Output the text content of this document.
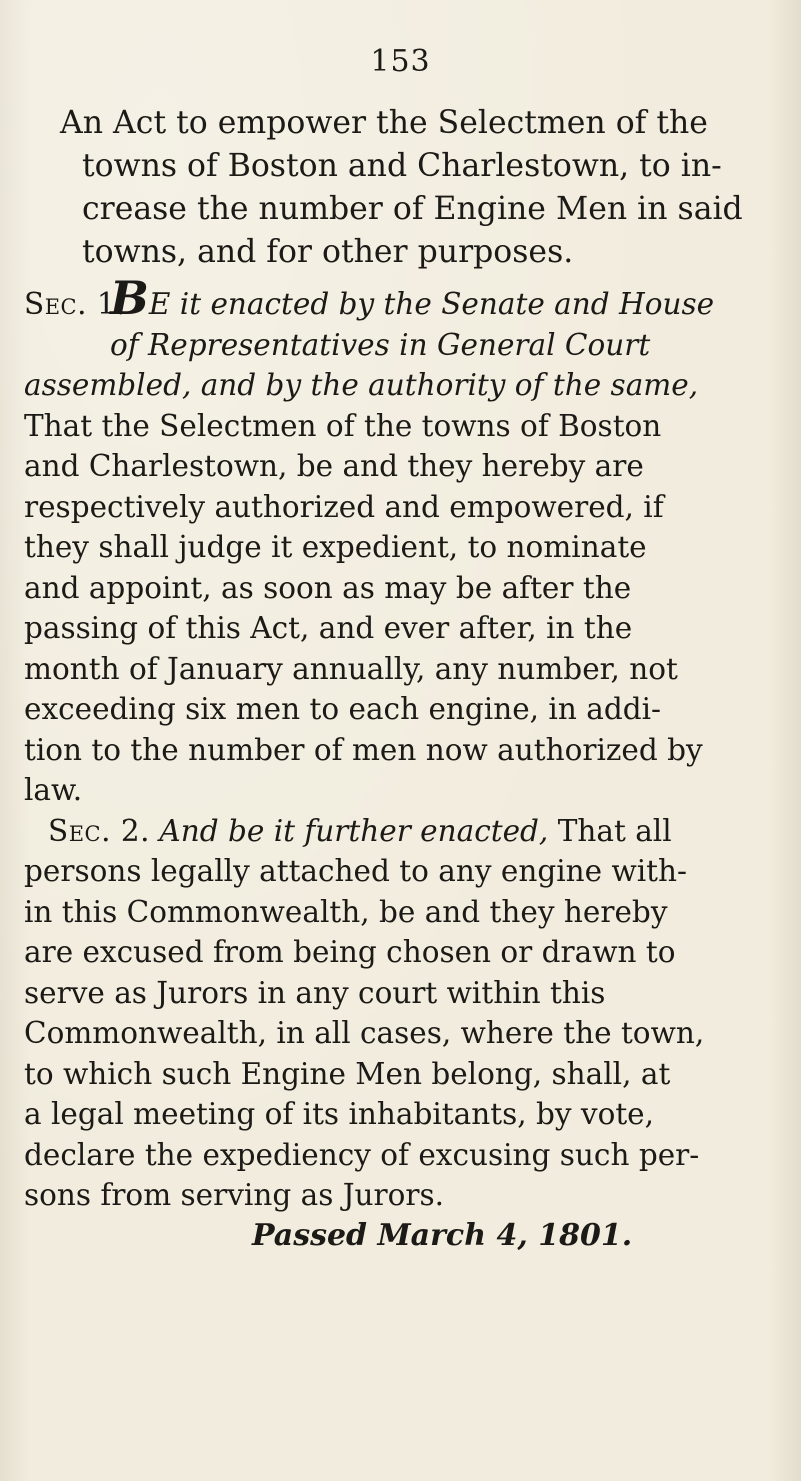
153
An Act to empower the Selectmen of the
towns of Boston and Charlestown, to in-
crease the number of Engine Men in said
towns, and for other purposes.
Sec. 1.BE it enacted by the Senate and House
of Representatives in General Court
assembled, and by the authority of the same,
That the Selectmen of the towns of Boston
and Charlestown, be and they hereby are
respectively authorized and empowered, if
they shall judge it expedient, to nominate
and appoint, as soon as may be after the
passing of this Act, and ever after, in the
month of January annually, any number, not
exceeding six men to each engine, in addi-
tion to the number of men now authorized by
law.
Sec. 2. And be it further enacted, That all
persons legally attached to any engine with-
in this Commonwealth, be and they hereby
are excused from being chosen or drawn to
serve as Jurors in any court within this
Commonwealth, in all cases, where the town,
to which such Engine Men belong, shall, at
a legal meeting of its inhabitants, by vote,
declare the expediency of excusing such per-
sons from serving as Jurors.
Passed March 4, 1801.
